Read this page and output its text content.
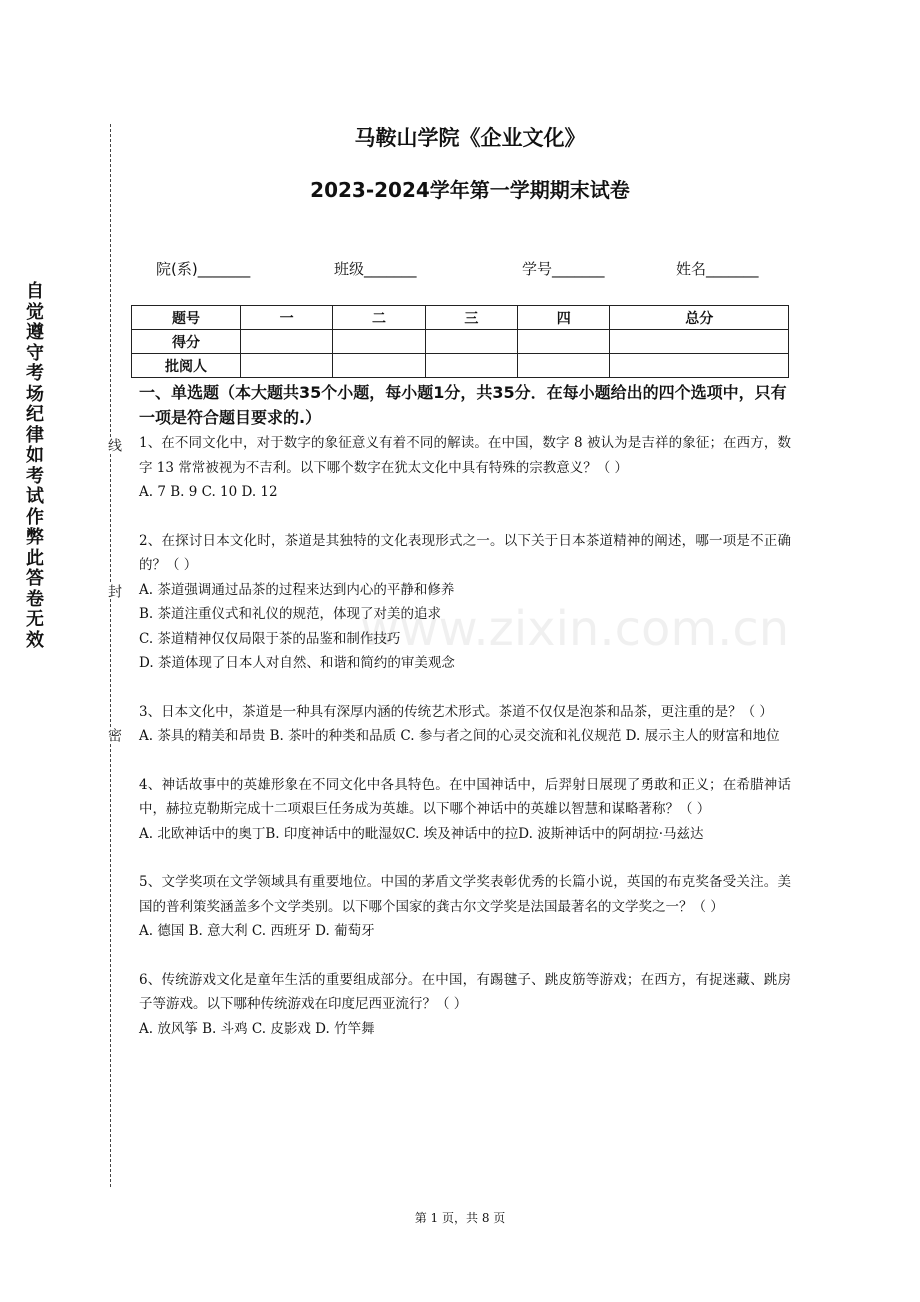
自觉遵守考场纪律如考试作弊此答卷无效
线
封
密
马鞍山学院《企业文化》
2023-2024学年第一学期期末试卷
院(系)_______	班级_______	学号_______	姓名_______
题号	一	二	三	四	总分
得分					
批阅人					
一、单选题（本大题共35个小题，每小题1分，共35分．在每小题给出的四个选项中，只有一项是符合题目要求的.）
1、在不同文化中，对于数字的象征意义有着不同的解读。在中国，数字 8 被认为是吉祥的象征；在西方，数字 13 常常被视为不吉利。以下哪个数字在犹太文化中具有特殊的宗教意义？（ ）
A. 7 B. 9 C. 10 D. 12
2、在探讨日本文化时，茶道是其独特的文化表现形式之一。以下关于日本茶道精神的阐述，哪一项是不正确的？（ ）
A. 茶道强调通过品茶的过程来达到内心的平静和修养
B. 茶道注重仪式和礼仪的规范，体现了对美的追求
C. 茶道精神仅仅局限于茶的品鉴和制作技巧
D. 茶道体现了日本人对自然、和谐和简约的审美观念
3、日本文化中，茶道是一种具有深厚内涵的传统艺术形式。茶道不仅仅是泡茶和品茶，更注重的是？（ ）
A. 茶具的精美和昂贵 B. 茶叶的种类和品质 C. 参与者之间的心灵交流和礼仪规范 D. 展示主人的财富和地位
4、神话故事中的英雄形象在不同文化中各具特色。在中国神话中，后羿射日展现了勇敢和正义；在希腊神话中，赫拉克勒斯完成十二项艰巨任务成为英雄。以下哪个神话中的英雄以智慧和谋略著称？（ ）
A. 北欧神话中的奥丁B. 印度神话中的毗湿奴C. 埃及神话中的拉D. 波斯神话中的阿胡拉·马兹达
5、文学奖项在文学领域具有重要地位。中国的茅盾文学奖表彰优秀的长篇小说，英国的布克奖备受关注。美国的普利策奖涵盖多个文学类别。以下哪个国家的龚古尔文学奖是法国最著名的文学奖之一？（ ）
A. 德国 B. 意大利 C. 西班牙 D. 葡萄牙
6、传统游戏文化是童年生活的重要组成部分。在中国，有踢毽子、跳皮筋等游戏；在西方，有捉迷藏、跳房子等游戏。以下哪种传统游戏在印度尼西亚流行？（ ）
A. 放风筝 B. 斗鸡 C. 皮影戏 D. 竹竿舞
www.zixin.com.cn
第 1 页，共 8 页
